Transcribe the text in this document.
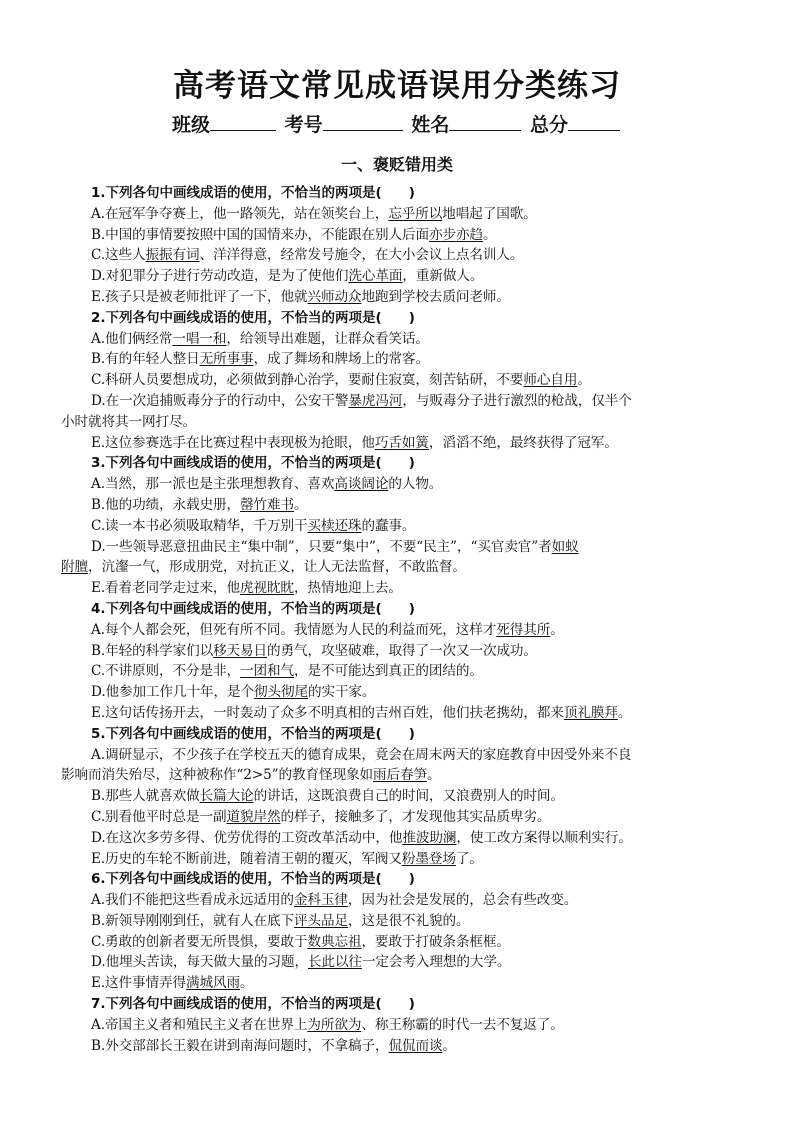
高考语文常见成语误用分类练习
班级	考号	姓名	总分
一、褒贬错用类
1.下列各句中画线成语的使用，不恰当的两项是(　　)
A.在冠军争夺赛上，他一路领先，站在领奖台上，忘乎所以地唱起了国歌。
B.中国的事情要按照中国的国情来办，不能跟在别人后面亦步亦趋。
C.这些人振振有词、洋洋得意，经常发号施令，在大小会议上点名训人。
D.对犯罪分子进行劳动改造，是为了使他们洗心革面，重新做人。
E.孩子只是被老师批评了一下，他就兴师动众地跑到学校去质问老师。
2.下列各句中画线成语的使用，不恰当的两项是(　　)
A.他们俩经常一唱一和，给领导出难题，让群众看笑话。
B.有的年轻人整日无所事事，成了舞场和牌场上的常客。
C.科研人员要想成功，必须做到静心治学，要耐住寂寞，刻苦钻研，不要师心自用。
D.在一次追捕贩毒分子的行动中，公安干警暴虎冯河，与贩毒分子进行激烈的枪战，仅半个
小时就将其一网打尽。
E.这位参赛选手在比赛过程中表现极为抢眼，他巧舌如簧，滔滔不绝，最终获得了冠军。
3.下列各句中画线成语的使用，不恰当的两项是(　　)
A.当然，那一派也是主张理想教育、喜欢高谈阔论的人物。
B.他的功绩，永载史册，罄竹难书。
C.读一本书必须吸取精华，千万别干买椟还珠的蠢事。
D.一些领导恶意扭曲民主“集中制”，只要“集中”，不要“民主”，“买官卖官”者如蚁
附膻，沆瀣一气，形成朋党，对抗正义，让人无法监督，不敢监督。
E.看着老同学走过来，他虎视眈眈，热情地迎上去。
4.下列各句中画线成语的使用，不恰当的两项是(　　)
A.每个人都会死，但死有所不同。我情愿为人民的利益而死，这样才死得其所。
B.年轻的科学家们以移天易日的勇气，攻坚破难，取得了一次又一次成功。
C.不讲原则，不分是非，一团和气，是不可能达到真正的团结的。
D.他参加工作几十年，是个彻头彻尾的实干家。
E.这句话传扬开去，一时轰动了众多不明真相的吉州百姓，他们扶老携幼，都来顶礼膜拜。
5.下列各句中画线成语的使用，不恰当的两项是(　　)
A.调研显示，不少孩子在学校五天的德育成果，竟会在周末两天的家庭教育中因受外来不良
影响而消失殆尽，这种被称作“2>5”的教育怪现象如雨后春笋。
B.那些人就喜欢做长篇大论的讲话，这既浪费自己的时间，又浪费别人的时间。
C.别看他平时总是一副道貌岸然的样子，接触多了，才发现他其实品质卑劣。
D.在这次多劳多得、优劳优得的工资改革活动中，他推波助澜，使工改方案得以顺利实行。
E.历史的车轮不断前进，随着清王朝的覆灭，军阀又粉墨登场了。
6.下列各句中画线成语的使用，不恰当的两项是(　　)
A.我们不能把这些看成永远适用的金科玉律，因为社会是发展的，总会有些改变。
B.新领导刚刚到任，就有人在底下评头品足，这是很不礼貌的。
C.勇敢的创新者要无所畏惧，要敢于数典忘祖，要敢于打破条条框框。
D.他埋头苦读，每天做大量的习题，长此以往一定会考入理想的大学。
E.这件事情弄得满城风雨。
7.下列各句中画线成语的使用，不恰当的两项是(　　)
A.帝国主义者和殖民主义者在世界上为所欲为、称王称霸的时代一去不复返了。
B.外交部部长王毅在讲到南海问题时，不拿稿子，侃侃而谈。
